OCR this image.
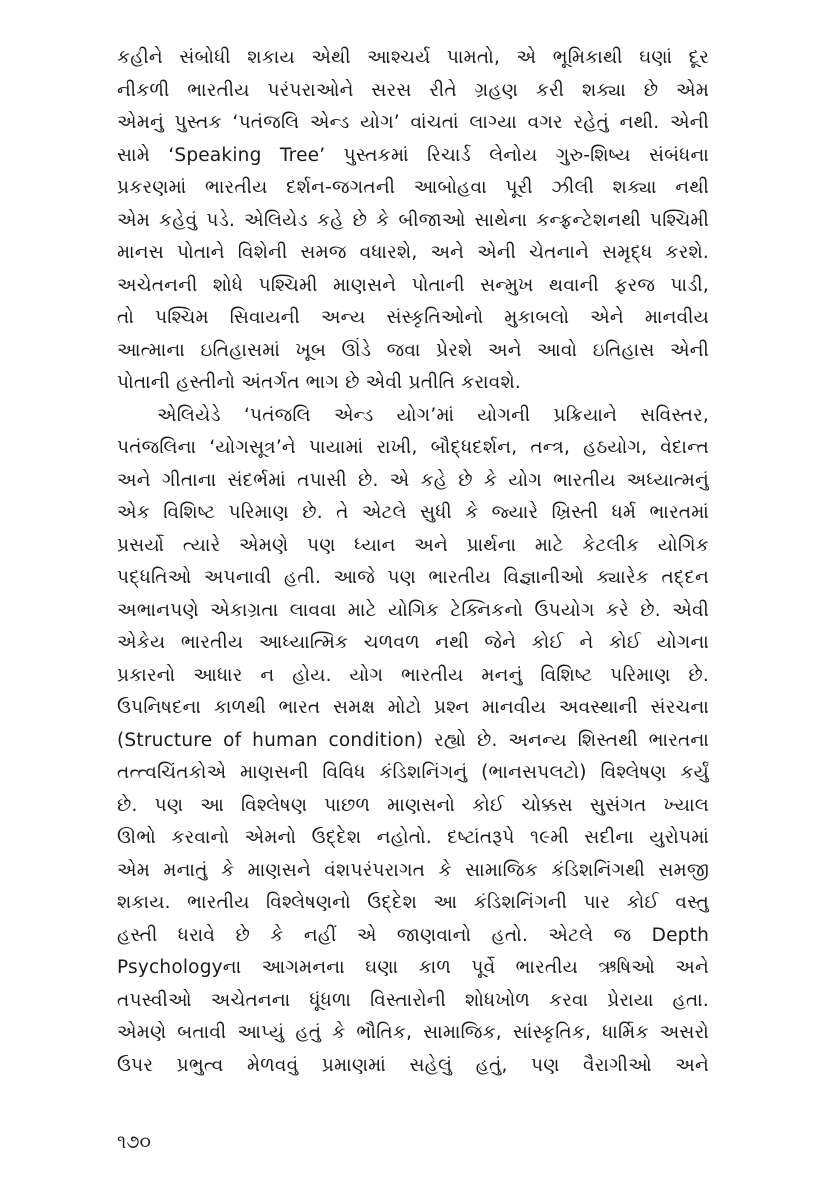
કહીને સંબોધી શકાય એથી આશ્ચર્ય પામતો, એ ભૂમિકાથી ઘણાં દૂર
નીકળી ભારતીય પરંપરાઓને સરસ રીતે ગ્રહણ કરી શક્યા છે એમ
એમનું પુસ્તક ‘પતંજલિ એન્ડ યોગ’ વાંચતાં લાગ્યા વગર રહેતું નથી. એની
સામે ‘Speaking Tree’ પુસ્તકમાં રિચાર્ડ લેનોય ગુરુ-શિષ્ય સંબંધના
પ્રકરણમાં ભારતીય દર્શન-જગતની આબોહવા પૂરી ઝીલી શક્યા નથી
એમ કહેવું પડે. એલિયેડ કહે છે કે બીજાઓ સાથેના કન્ફ્રન્ટેશનથી પશ્ચિમી
માનસ પોતાને વિશેની સમજ વધારશે, અને એની ચેતનાને સમૃદ્ધ કરશે.
અચેતનની શોધે પશ્ચિમી માણસને પોતાની સન્મુખ થવાની ફરજ પાડી,
તો પશ્ચિમ સિવાયની અન્ય સંસ્કૃતિઓનો મુકાબલો એને માનવીય
આત્માના ઇતિહાસમાં ખૂબ ઊંડે જવા પ્રેરશે અને આવો ઇતિહાસ એની
પોતાની હસ્તીનો અંતર્ગત ભાગ છે એવી પ્રતીતિ કરાવશે.
એલિયેડે ‘પતંજલિ એન્ડ યોગ’માં યોગની પ્રક્રિયાને સવિસ્તર,
પતંજલિના ‘યોગસૂત્ર’ને પાયામાં રાખી, બૌદ્ધદર્શન, તન્ત્ર, હઠયોગ, વેદાન્ત
અને ગીતાના સંદર્ભમાં તપાસી છે. એ કહે છે કે યોગ ભારતીય અધ્યાત્મનું
એક વિશિષ્ટ પરિમાણ છે. તે એટલે સુધી કે જ્યારે ખ્રિસ્તી ધર્મ ભારતમાં
પ્રસર્યો ત્યારે એમણે પણ ધ્યાન અને પ્રાર્થના માટે કેટલીક યોગિક
પદ્ધતિઓ અપનાવી હતી. આજે પણ ભારતીય વિજ્ઞાનીઓ ક્યારેક તદ્દન
અભાનપણે એકાગ્રતા લાવવા માટે યોગિક ટેક્નિકનો ઉપયોગ કરે છે. એવી
એકેય ભારતીય આધ્યાત્મિક ચળવળ નથી જેને કોઈ ને કોઈ યોગના
પ્રકારનો આધાર ન હોય. યોગ ભારતીય મનનું વિશિષ્ટ પરિમાણ છે.
ઉપનિષદના કાળથી ભારત સમક્ષ મોટો પ્રશ્ન માનવીય અવસ્થાની સંરચના
(Structure of human condition) રહ્યો છે. અનન્ય શિસ્તથી ભારતના
તત્ત્વચિંતકોએ માણસની વિવિધ કંડિશનિંગનું (ભાનસપલટો) વિશ્લેષણ કર્યું
છે. પણ આ વિશ્લેષણ પાછળ માણસનો કોઈ ચોક્કસ સુસંગત ખ્યાલ
ઊભો કરવાનો એમનો ઉદ્દેશ નહોતો. દષ્ટાંતરૂપે ૧૯મી સદીના યુરોપમાં
એમ મનાતું કે માણસને વંશપરંપરાગત કે સામાજિક કંડિશનિંગથી સમજી
શકાય. ભારતીય વિશ્લેષણનો ઉદ્દેશ આ કંડિશનિંગની પાર કોઈ વસ્તુ
હસ્તી ધરાવે છે કે નહીં એ જાણવાનો હતો. એટલે જ Depth
Psychologyના આગમનના ઘણા કાળ પૂર્વે ભારતીય ઋષિઓ અને
તપસ્વીઓ અચેતનના ધૂંધળા વિસ્તારોની શોધખોળ કરવા પ્રેરાયા હતા.
એમણે બતાવી આપ્યું હતું કે ભૌતિક, સામાજિક, સાંસ્કૃતિક, ધાર્મિક અસરો
ઉપર પ્રભુત્વ મેળવવું પ્રમાણમાં સહેલું હતું, પણ વૈરાગીઓ અને
૧૭૦
